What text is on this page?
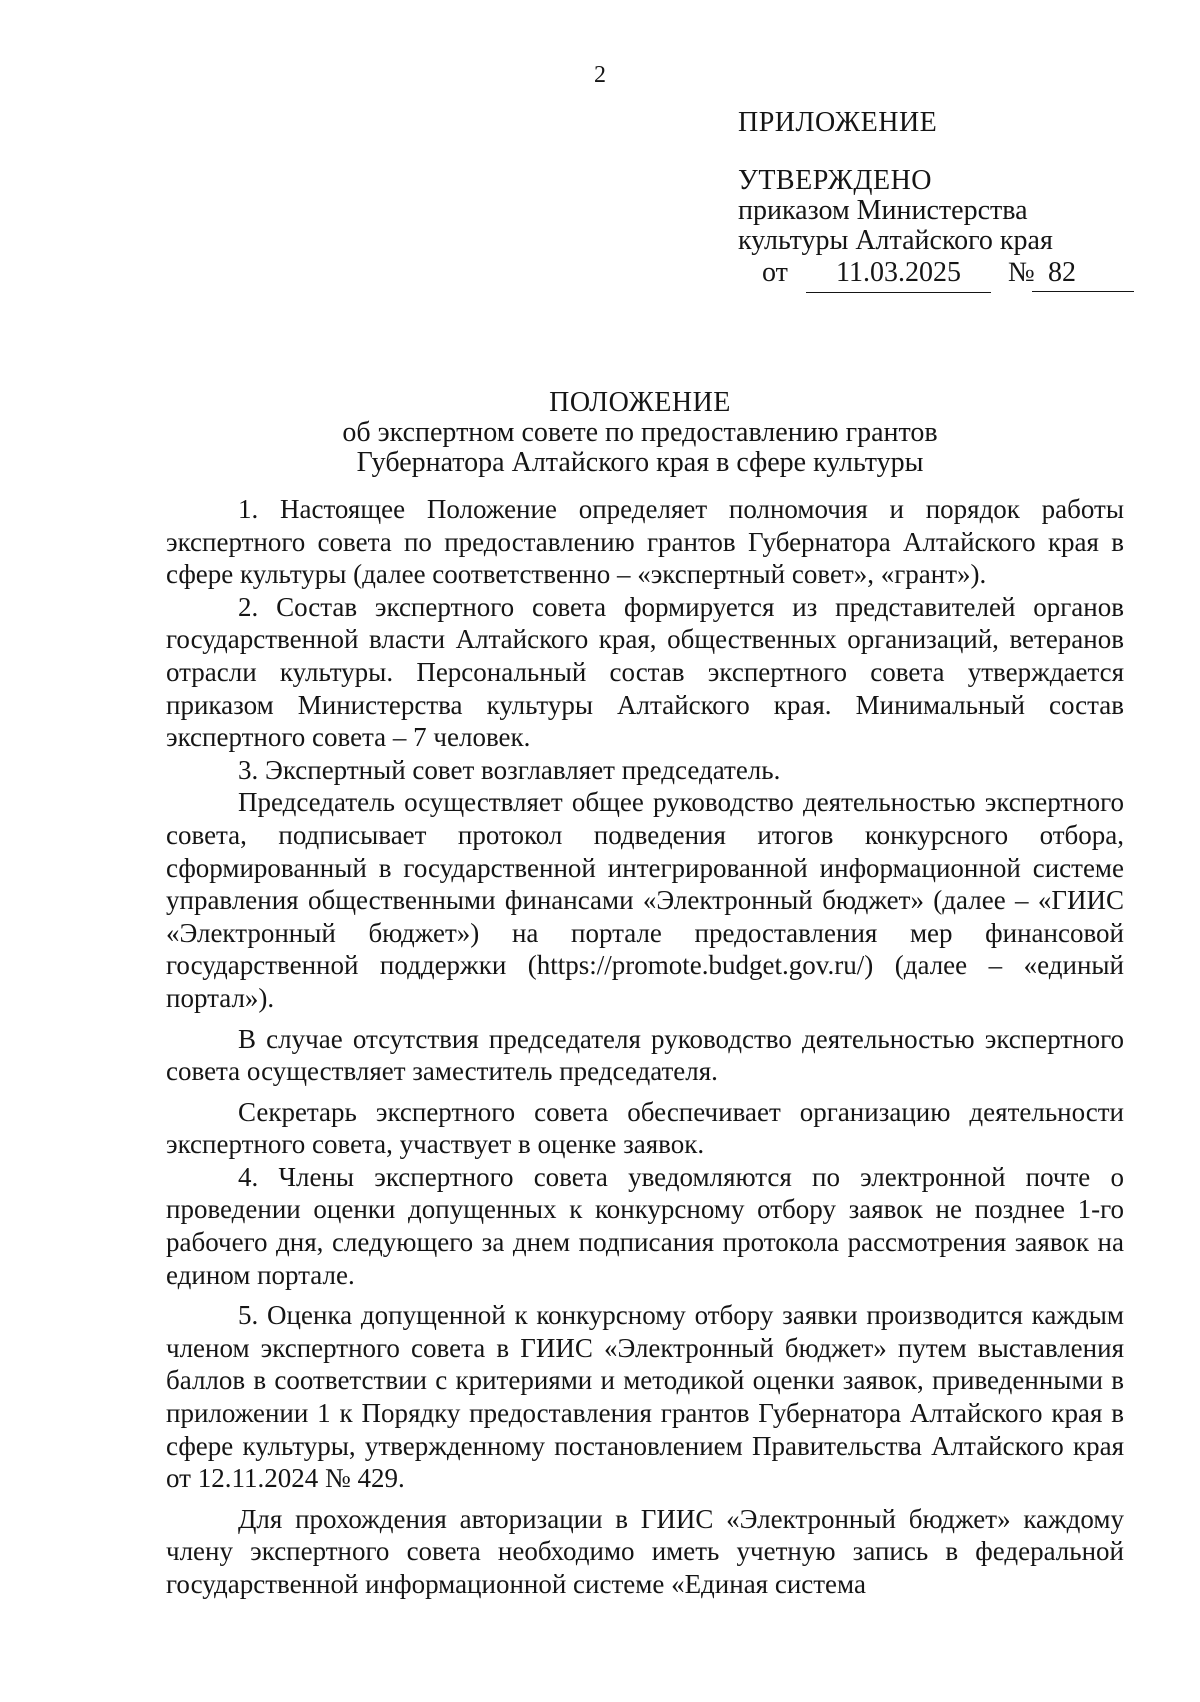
2
ПРИЛОЖЕНИЕ
УТВЕРЖДЕНО
приказом Министерства
культуры Алтайского края
от	11.03.2025	№ 82
ПОЛОЖЕНИЕ
об экспертном совете по предоставлению грантов
Губернатора Алтайского края в сфере культуры

1. Настоящее Положение определяет полномочия и порядок работы экспертного совета по предоставлению грантов Губернатора Алтайского края в сфере культуры (далее соответственно – «экспертный совет», «грант»).

2. Состав экспертного совета формируется из представителей органов государственной власти Алтайского края, общественных организаций, ветеранов отрасли культуры. Персональный состав экспертного совета утверждается приказом Министерства культуры Алтайского края. Минимальный состав экспертного совета – 7 человек.

3. Экспертный совет возглавляет председатель.

Председатель осуществляет общее руководство деятельностью экспертного совета, подписывает протокол подведения итогов конкурсного отбора, сформированный в государственной интегрированной информационной системе управления общественными финансами «Электронный бюджет» (далее – «ГИИС «Электронный бюджет») на портале предоставления мер финансовой государственной поддержки (https://promote.budget.gov.ru/) (далее – «единый портал»).

В случае отсутствия председателя руководство деятельностью экспертного совета осуществляет заместитель председателя.

Секретарь экспертного совета обеспечивает организацию деятельности экспертного совета, участвует в оценке заявок.

4. Члены экспертного совета уведомляются по электронной почте о проведении оценки допущенных к конкурсному отбору заявок не позднее 1-го рабочего дня, следующего за днем подписания протокола рассмотрения заявок на едином портале.

5. Оценка допущенной к конкурсному отбору заявки производится каждым членом экспертного совета в ГИИС «Электронный бюджет» путем выставления баллов в соответствии с критериями и методикой оценки заявок, приведенными в приложении 1 к Порядку предоставления грантов Губернатора Алтайского края в сфере культуры, утвержденному постановлением Правительства Алтайского края от 12.11.2024 № 429.

Для прохождения авторизации в ГИИС «Электронный бюджет» каждому члену экспертного совета необходимо иметь учетную запись в федеральной государственной информационной системе «Единая система
